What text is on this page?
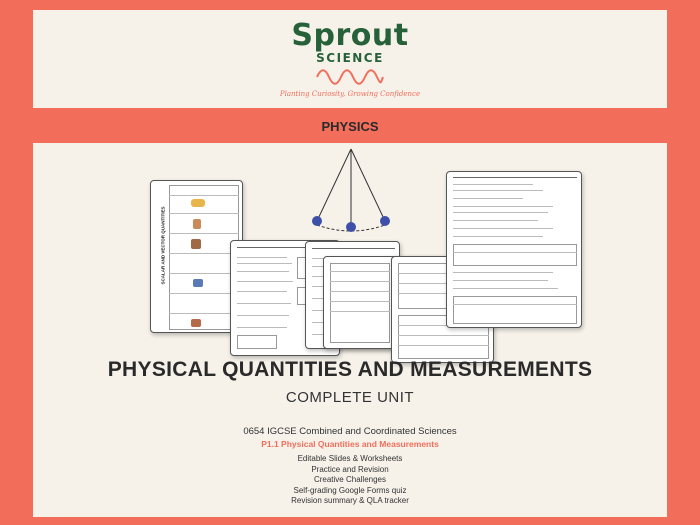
Sprout
SCIENCE
Planting Curiosity, Growing Confidence
PHYSICS
SCALAR AND VECTOR QUANTITIES
PHYSICAL QUANTITIES AND MEASUREMENTS
COMPLETE UNIT
0654 IGCSE Combined and Coordinated Sciences
P1.1 Physical Quantities and Measurements
Editable Slides & Worksheets
Practice and Revision
Creative Challenges
Self-grading Google Forms quiz
Revision summary & QLA tracker
